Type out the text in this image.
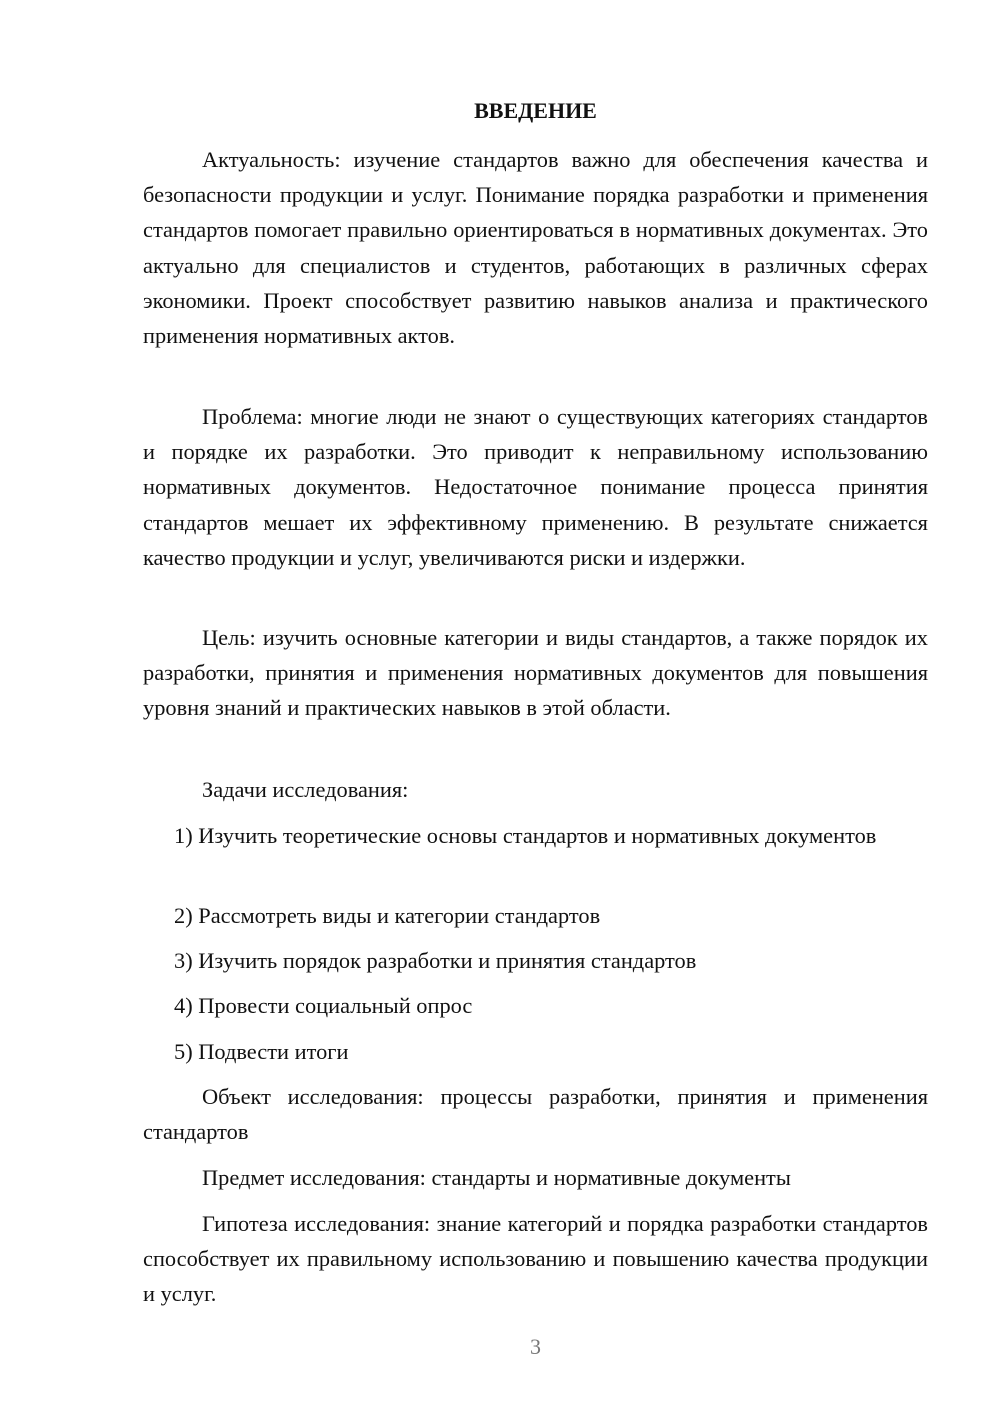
ВВЕДЕНИЕ

Актуальность: изучение стандартов важно для обеспечения качества и безопасности продукции и услуг. Понимание порядка разработки и применения стандартов помогает правильно ориентироваться в нормативных документах. Это актуально для специалистов и студентов, работающих в различных сферах экономики. Проект способствует развитию навыков анализа и практического применения нормативных актов.

Проблема: многие люди не знают о существующих категориях стандартов и порядке их разработки. Это приводит к неправильному использованию нормативных документов. Недостаточное понимание процесса принятия стандартов мешает их эффективному применению. В результате снижается качество продукции и услуг, увеличиваются риски и издержки.

Цель: изучить основные категории и виды стандартов, а также порядок их разработки, принятия и применения нормативных документов для повышения уровня знаний и практических навыков в этой области.

Задачи исследования:

1) Изучить теоретические основы стандартов и нормативных документов

2) Рассмотреть виды и категории стандартов

3) Изучить порядок разработки и принятия стандартов

4) Провести социальный опрос

5) Подвести итоги

Объект исследования: процессы разработки, принятия и применения стандартов

Предмет исследования: стандарты и нормативные документы

Гипотеза исследования: знание категорий и порядка разработки стандартов способствует их правильному использованию и повышению качества продукции и услуг.

3
